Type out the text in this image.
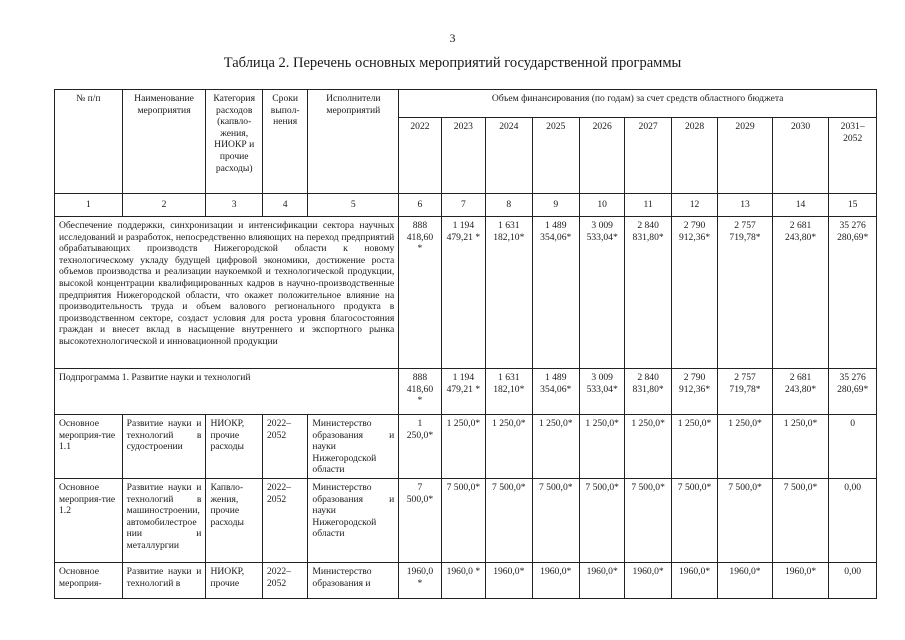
3
Таблица 2. Перечень основных мероприятий государственной программы
№ п/п	Наименование мероприятия	Категория расходов (капвло-жения, НИОКР и прочие расходы)	Сроки выпол-нения	Исполнители мероприятий	Объем финансирования (по годам) за счет средств областного бюджета									
					2022	2023	2024	2025	2026	2027	2028	2029	2030	2031–2052
1	2	3	4	5	6	7	8	9	10	11	12	13	14	15
Обеспечение поддержки, синхронизации и интенсификации сектора научных исследований и разработок, непосредственно влияющих на переход предприятий обрабатывающих производств Нижегородской области к новому технологическому укладу будущей цифровой экономики, достижение роста объемов производства и реализации наукоемкой и технологической продукции, высокой концентрации квалифицированных кадров в научно-производственные предприятия Нижегородской области, что окажет положительное влияние на производительность труда и объем валового регионального продукта в производственном секторе, создаст условия для роста уровня благосостояния граждан и внесет вклад в насыщение внутреннего и экспортного рынка высокотехнологической и инновационной продукции					888 418,60 *	1 194 479,21 *	1 631 182,10*	1 489 354,06*	3 009 533,04*	2 840 831,80*	2 790 912,36*	2 757 719,78*	2 681 243,80*	35 276 280,69*
Подпрограмма 1. Развитие науки и технологий					888 418,60 *	1 194 479,21 *	1 631 182,10*	1 489 354,06*	3 009 533,04*	2 840 831,80*	2 790 912,36*	2 757 719,78*	2 681 243,80*	35 276 280,69*
Основное мероприя-тие 1.1	Развитие науки и технологий в судостроении	НИОКР, прочие расходы	2022–2052	Министерство образования и науки Нижегородской области	1 250,0*	1 250,0*	1 250,0*	1 250,0*	1 250,0*	1 250,0*	1 250,0*	1 250,0*	1 250,0*	0
Основное мероприя-тие 1.2	Развитие науки и технологий в машиностроении, автомобилестроении и металлургии	Капвло-жения, прочие расходы	2022–2052	Министерство образования и науки Нижегородской области	7 500,0*	7 500,0*	7 500,0*	7 500,0*	7 500,0*	7 500,0*	7 500,0*	7 500,0*	7 500,0*	0,00
Основное мероприя-	Развитие науки и технологий в	НИОКР, прочие	2022–2052	Министерство образования и	1960,0 *	1960,0 *	1960,0*	1960,0*	1960,0*	1960,0*	1960,0*	1960,0*	1960,0*	0,00
